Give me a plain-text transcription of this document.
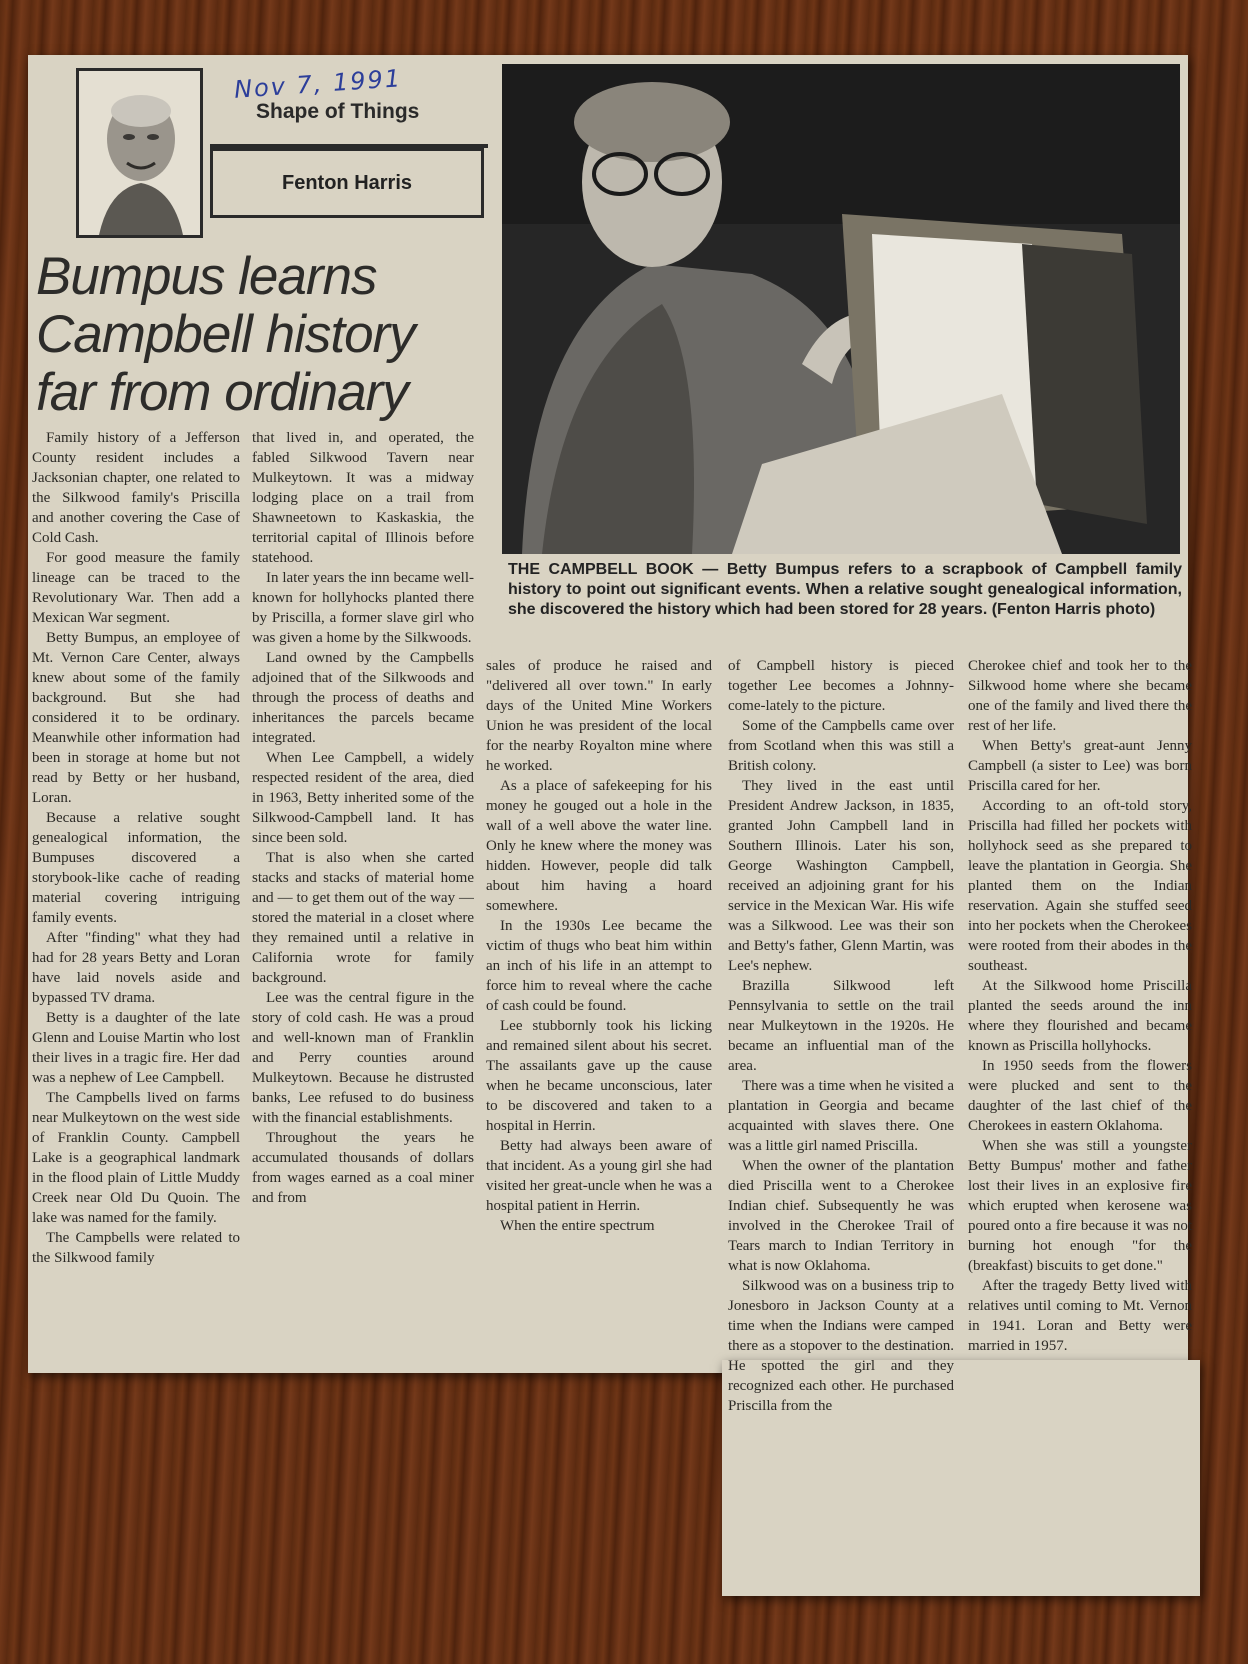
Nov 7, 1991
Shape of Things
Fenton Harris
Bumpus learns
Campbell history
far from ordinary
THE CAMPBELL BOOK — Betty Bumpus refers to a scrapbook of Campbell family history to point out significant events. When a relative sought genealogical information, she discovered the history which had been stored for 28 years. (Fenton Harris photo)

Family history of a Jefferson County resident includes a Jacksonian chapter, one related to the Silkwood family's Priscilla and another covering the Case of Cold Cash.

For good measure the family lineage can be traced to the Revolutionary War. Then add a Mexican War segment.

Betty Bumpus, an employee of Mt. Vernon Care Center, always knew about some of the family background. But she had considered it to be ordinary. Meanwhile other information had been in storage at home but not read by Betty or her husband, Loran.

Because a relative sought genealogical information, the Bumpuses discovered a storybook-like cache of reading material covering intriguing family events.

After "finding" what they had had for 28 years Betty and Loran have laid novels aside and bypassed TV drama.

Betty is a daughter of the late Glenn and Louise Martin who lost their lives in a tragic fire. Her dad was a nephew of Lee Campbell.

The Campbells lived on farms near Mulkeytown on the west side of Franklin County. Campbell Lake is a geographical landmark in the flood plain of Little Muddy Creek near Old Du Quoin. The lake was named for the family.

The Campbells were related to the Silkwood family

that lived in, and operated, the fabled Silkwood Tavern near Mulkeytown. It was a midway lodging place on a trail from Shawneetown to Kaskaskia, the territorial capital of Illinois before statehood.

In later years the inn became well-known for hollyhocks planted there by Priscilla, a former slave girl who was given a home by the Silkwoods.

Land owned by the Campbells adjoined that of the Silkwoods and through the process of deaths and inheritances the parcels became integrated.

When Lee Campbell, a widely respected resident of the area, died in 1963, Betty inherited some of the Silkwood-Campbell land. It has since been sold.

That is also when she carted stacks and stacks of material home and — to get them out of the way — stored the material in a closet where they remained until a relative in California wrote for family background.

Lee was the central figure in the story of cold cash. He was a proud and well-known man of Franklin and Perry counties around Mulkeytown. Because he distrusted banks, Lee refused to do business with the financial establishments.

Throughout the years he accumulated thousands of dollars from wages earned as a coal miner and from

sales of produce he raised and "delivered all over town." In early days of the United Mine Workers Union he was president of the local for the nearby Royalton mine where he worked.

As a place of safekeeping for his money he gouged out a hole in the wall of a well above the water line. Only he knew where the money was hidden. However, people did talk about him having a hoard somewhere.

In the 1930s Lee became the victim of thugs who beat him within an inch of his life in an attempt to force him to reveal where the cache of cash could be found.

Lee stubbornly took his licking and remained silent about his secret. The assailants gave up the cause when he became unconscious, later to be discovered and taken to a hospital in Herrin.

Betty had always been aware of that incident. As a young girl she had visited her great-uncle when he was a hospital patient in Herrin.

When the entire spectrum

of Campbell history is pieced together Lee becomes a Johnny-come-lately to the picture.

Some of the Campbells came over from Scotland when this was still a British colony.

They lived in the east until President Andrew Jackson, in 1835, granted John Campbell land in Southern Illinois. Later his son, George Washington Campbell, received an adjoining grant for his service in the Mexican War. His wife was a Silkwood. Lee was their son and Betty's father, Glenn Martin, was Lee's nephew.

Brazilla Silkwood left Pennsylvania to settle on the trail near Mulkeytown in the 1920s. He became an influential man of the area.

There was a time when he visited a plantation in Georgia and became acquainted with slaves there. One was a little girl named Priscilla.

When the owner of the plantation died Priscilla went to a Cherokee Indian chief. Subsequently he was involved in the Cherokee Trail of Tears march to Indian Territory in what is now Oklahoma.

Silkwood was on a business trip to Jonesboro in Jackson County at a time when the Indians were camped there as a stopover to the destination. He spotted the girl and they recognized each other. He purchased Priscilla from the

Cherokee chief and took her to the Silkwood home where she became one of the family and lived there the rest of her life.

When Betty's great-aunt Jenny Campbell (a sister to Lee) was born Priscilla cared for her.

According to an oft-told story, Priscilla had filled her pockets with hollyhock seed as she prepared to leave the plantation in Georgia. She planted them on the Indian reservation. Again she stuffed seed into her pockets when the Cherokees were rooted from their abodes in the southeast.

At the Silkwood home Priscilla planted the seeds around the inn where they flourished and became known as Priscilla hollyhocks.

In 1950 seeds from the flowers were plucked and sent to the daughter of the last chief of the Cherokees in eastern Oklahoma.

When she was still a youngster Betty Bumpus' mother and father lost their lives in an explosive fire which erupted when kerosene was poured onto a fire because it was not burning hot enough "for the (breakfast) biscuits to get done."

After the tragedy Betty lived with relatives until coming to Mt. Vernon in 1941. Loran and Betty were married in 1957.
